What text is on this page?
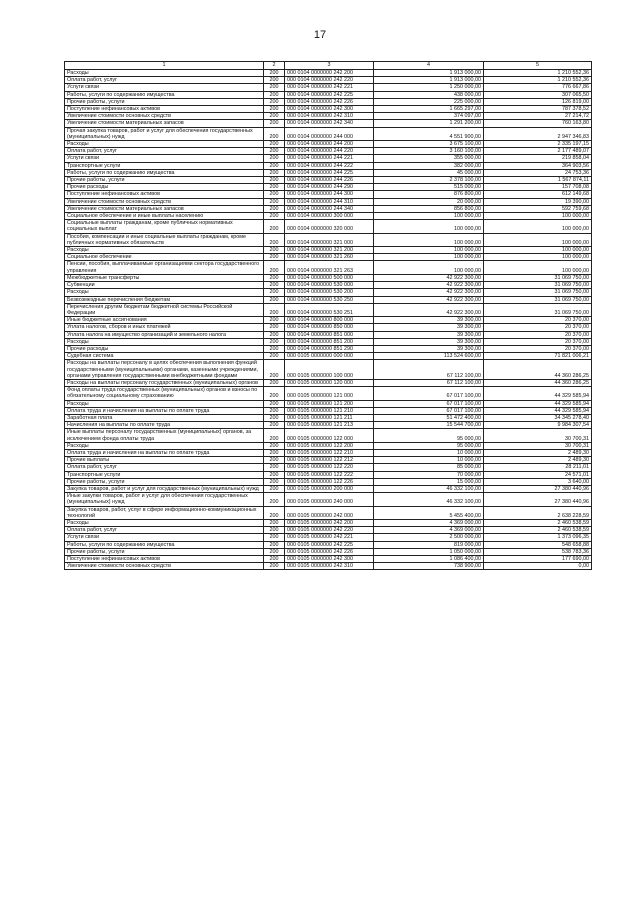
17
1	2	3	4	5
Расходы	200	000 0104 0000000 242 200	1 913 000,00	1 210 552,36
Оплата работ, услуг	200	000 0104 0000000 242 220	1 913 000,00	1 210 552,36
Услуги связи	200	000 0104 0000000 242 221	1 250 000,00	776 667,86
Работы, услуги по содержанию имущества	200	000 0104 0000000 242 225	438 000,00	307 065,50
Прочие работы, услуги	200	000 0104 0000000 242 226	225 000,00	126 819,00
Поступление нефинансовых активов	200	000 0104 0000000 242 300	1 665 297,00	787 378,52
Увеличение стоимости основных средств	200	000 0104 0000000 242 310	374 097,00	27 214,72
Увеличение стоимости материальных запасов	200	000 0104 0000000 242 340	1 291 200,00	760 163,80
Прочая закупка товаров, работ и услуг для обеспечения государственных (муниципальных) нужд	200	000 0104 0000000 244 000	4 551 900,00	2 947 346,83
Расходы	200	000 0104 0000000 244 200	3 675 100,00	2 335 197,15
Оплата работ, услуг	200	000 0104 0000000 244 220	3 160 100,00	2 177 489,07
Услуги связи	200	000 0104 0000000 244 221	355 000,00	219 858,04
Транспортные услуги	200	000 0104 0000000 244 222	382 000,00	364 903,56
Работы, услуги по содержанию имущества	200	000 0104 0000000 244 225	45 000,00	24 753,36
Прочие работы, услуги	200	000 0104 0000000 244 226	2 378 100,00	1 567 874,11
Прочие расходы	200	000 0104 0000000 244 290	515 000,00	157 708,08
Поступление нефинансовых активов	200	000 0104 0000000 244 300	876 800,00	612 149,68
Увеличение стоимости основных средств	200	000 0104 0000000 244 310	20 000,00	19 390,00
Увеличение стоимости материальных запасов	200	000 0104 0000000 244 340	856 800,00	592 759,68
Социальное обеспечение и иные выплаты населению	200	000 0104 0000000 300 000	100 000,00	100 000,00
Социальные выплаты гражданам, кроме публичных нормативных социальных выплат	200	000 0104 0000000 320 000	100 000,00	100 000,00
Пособия, компенсации и иные социальные выплаты гражданам, кроме публичных нормативных обязательств	200	000 0104 0000000 321 000	100 000,00	100 000,00
Расходы	200	000 0104 0000000 321 200	100 000,00	100 000,00
Социальное обеспечение	200	000 0104 0000000 321 260	100 000,00	100 000,00
Пенсии, пособия, выплачиваемые организациями сектора государственного управления	200	000 0104 0000000 321 263	100 000,00	100 000,00
Межбюджетные трансферты	200	000 0104 0000000 500 000	42 922 300,00	31 069 750,00
Субвенции	200	000 0104 0000000 530 000	42 922 300,00	31 069 750,00
Расходы	200	000 0104 0000000 530 200	42 922 300,00	31 069 750,00
Безвозмездные перечисления бюджетам	200	000 0104 0000000 530 250	42 922 300,00	31 069 750,00
Перечисления другим бюджетам бюджетной системы Российской Федерации	200	000 0104 0000000 530 251	42 922 300,00	31 069 750,00
Иные бюджетные ассигнования	200	000 0104 0000000 800 000	39 300,00	20 370,00
Уплата налогов, сборов и иных платежей	200	000 0104 0000000 850 000	39 300,00	20 370,00
Уплата налога на имущество организаций и земельного налога	200	000 0104 0000000 851 000	39 300,00	20 370,00
Расходы	200	000 0104 0000000 851 200	39 300,00	20 370,00
Прочие расходы	200	000 0104 0000000 851 290	39 300,00	20 370,00
Судебная система	200	000 0105 0000000 000 000	113 524 600,00	71 821 006,21
Расходы на выплаты персоналу в целях обеспечения выполнения функций государственными (муниципальными) органами, казенными учреждениями, органами управления государственными внебюджетными фондами	200	000 0105 0000000 100 000	67 112 100,00	44 360 286,25
Расходы на выплаты персоналу государственных (муниципальных) органов	200	000 0105 0000000 120 000	67 112 100,00	44 360 286,25
Фонд оплаты труда государственных (муниципальных) органов и взносы по обязательному социальному страхованию	200	000 0105 0000000 121 000	67 017 100,00	44 329 585,94
Расходы	200	000 0105 0000000 121 200	67 017 100,00	44 329 585,94
Оплата труда и начисления на выплаты по оплате труда	200	000 0105 0000000 121 210	67 017 100,00	44 329 585,94
Заработная плата	200	000 0105 0000000 121 211	51 472 400,00	34 345 278,40
Начисления на выплаты по оплате труда	200	000 0105 0000000 121 213	15 544 700,00	9 984 307,54
Иные выплаты персоналу государственных (муниципальных) органов, за исключением фонда оплаты труда	200	000 0105 0000000 122 000	95 000,00	30 700,31
Расходы	200	000 0105 0000000 122 200	95 000,00	30 700,31
Оплата труда и начисления на выплаты по оплате труда	200	000 0105 0000000 122 210	10 000,00	2 489,30
Прочие выплаты	200	000 0105 0000000 122 212	10 000,00	2 489,30
Оплата работ, услуг	200	000 0105 0000000 122 220	85 000,00	28 211,01
Транспортные услуги	200	000 0105 0000000 122 222	70 000,00	24 571,01
Прочие работы, услуги	200	000 0105 0000000 122 226	15 000,00	3 640,00
Закупка товаров, работ и услуг для государственных (муниципальных) нужд	200	000 0105 0000000 200 000	46 332 100,00	27 380 440,96
Иные закупки товаров, работ и услуг для обеспечения государственных (муниципальных) нужд	200	000 0105 0000000 240 000	46 332 100,00	27 380 440,96
Закупка товаров, работ, услуг в сфере информационно-коммуникационных технологий	200	000 0105 0000000 242 000	5 455 400,00	2 638 228,59
Расходы	200	000 0105 0000000 242 200	4 369 000,00	2 460 538,59
Оплата работ, услуг	200	000 0105 0000000 242 220	4 369 000,00	2 460 538,59
Услуги связи	200	000 0105 0000000 242 221	2 500 000,00	1 373 096,35
Работы, услуги по содержанию имущества	200	000 0105 0000000 242 225	819 000,00	548 658,88
Прочие работы, услуги	200	000 0105 0000000 242 226	1 050 000,00	538 783,36
Поступление нефинансовых активов	200	000 0105 0000000 242 300	1 086 400,00	177 690,00
Увеличение стоимости основных средств	200	000 0105 0000000 242 310	738 900,00	0,00
